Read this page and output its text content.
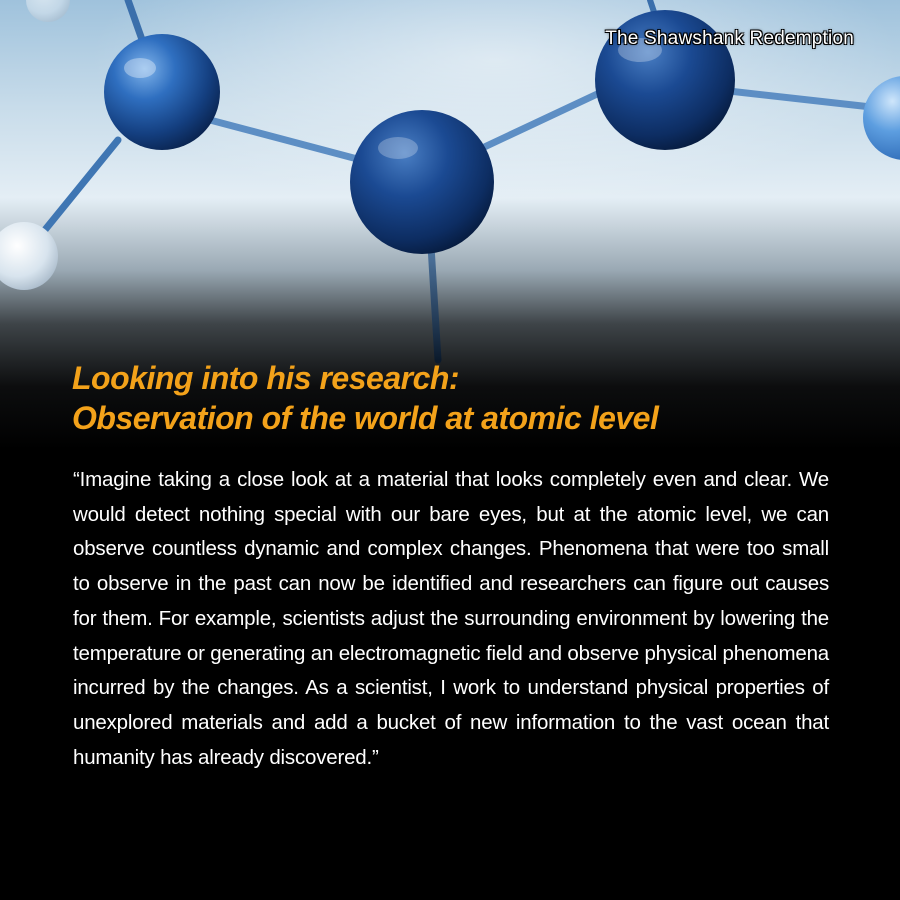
The Shawshank Redemption
Looking into his research:
Observation of the world at atomic level

“Imagine taking a close look at a material that looks completely even and clear. We would detect nothing special with our bare eyes, but at the atomic level, we can observe countless dynamic and complex changes. Phenomena that were too small to observe in the past can now be identified and researchers can figure out causes for them. For example, scientists adjust the surrounding environment by lowering the temperature or generating an electromagnetic field and observe physical phenomena incurred by the changes. As a scientist, I work to understand physical properties of unexplored materials and add a bucket of new information to the vast ocean that humanity has already discovered.”
